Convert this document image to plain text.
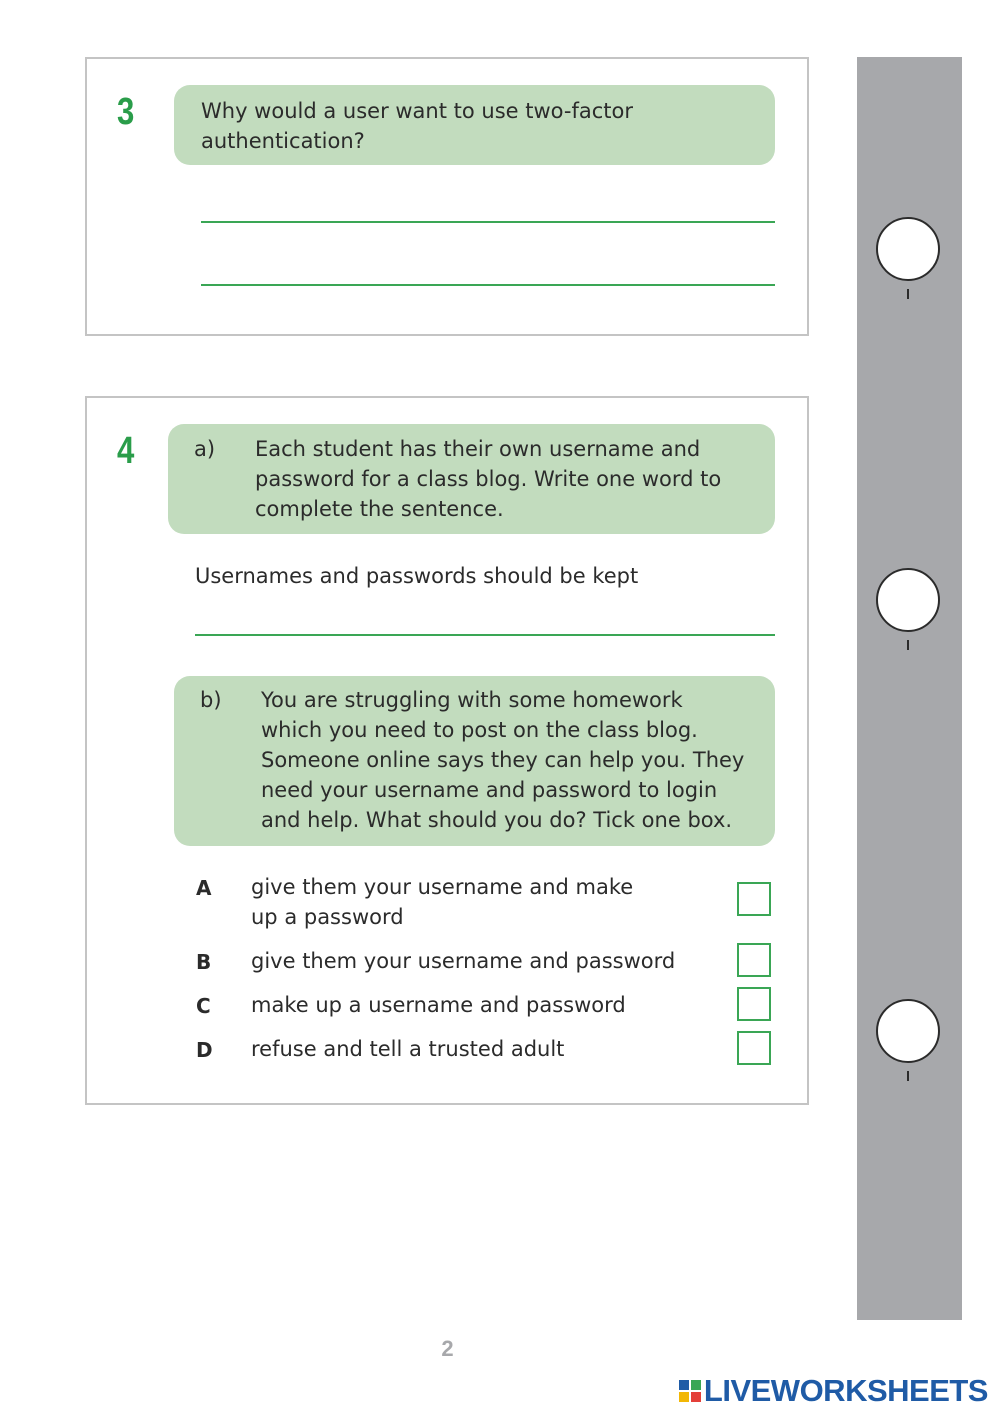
3	Why would a user want to use two-factor
authentication?
4	a) Each student has their own username and
password for a class blog. Write one word to
complete the sentence.
Usernames and passwords should be kept
b) You are struggling with some homework
which you need to post on the class blog.
Someone online says they can help you. They
need your username and password to login
and help. What should you do? Tick one box.
A give them your username and make
up a password
B give them your username and password
C make up a username and password
D refuse and tell a trusted adult
2
LIVEWORKSHEETS
